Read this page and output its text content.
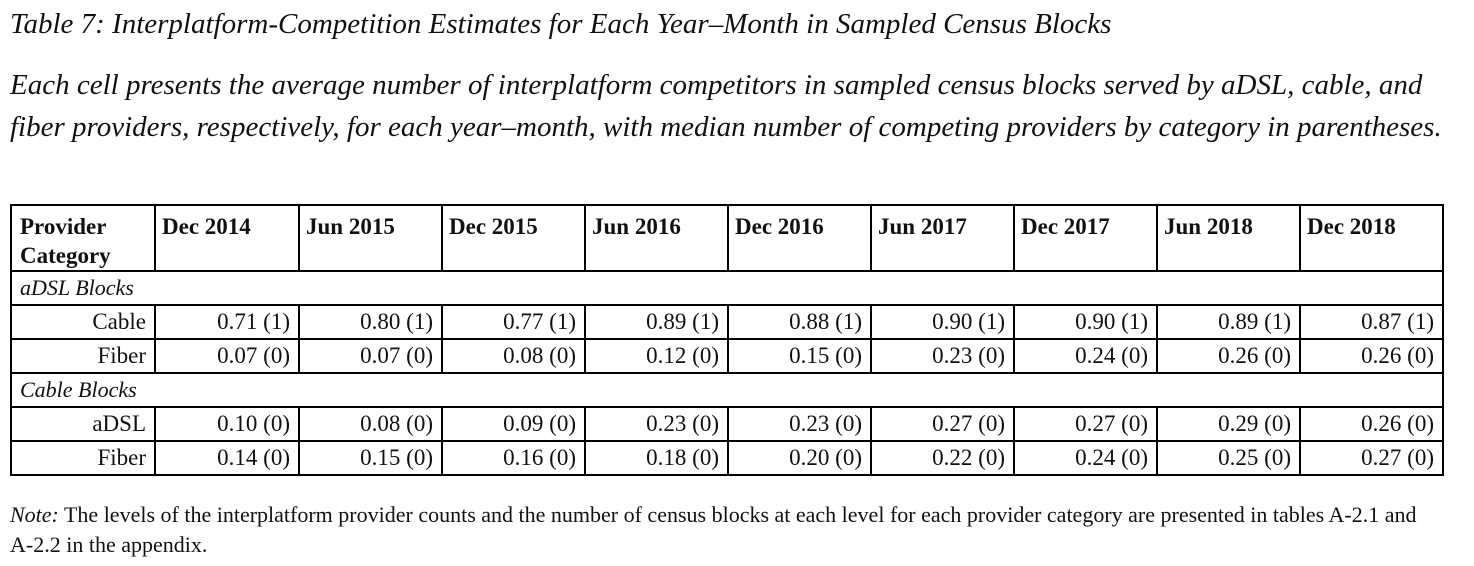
Table 7: Interplatform-Competition Estimates for Each Year–Month in Sampled Census Blocks
Each cell presents the average number of interplatform competitors in sampled census blocks served by aDSL, cable, and fiber providers, respectively, for each year–month, with median number of competing providers by category in parentheses.
Provider
Category	Dec 2014	Jun 2015	Dec 2015	Jun 2016	Dec 2016	Jun 2017	Dec 2017	Jun 2018	Dec 2018
aDSL Blocks									
Cable	0.71 (1)	0.80 (1)	0.77 (1)	0.89 (1)	0.88 (1)	0.90 (1)	0.90 (1)	0.89 (1)	0.87 (1)
Fiber	0.07 (0)	0.07 (0)	0.08 (0)	0.12 (0)	0.15 (0)	0.23 (0)	0.24 (0)	0.26 (0)	0.26 (0)
Cable Blocks									
aDSL	0.10 (0)	0.08 (0)	0.09 (0)	0.23 (0)	0.23 (0)	0.27 (0)	0.27 (0)	0.29 (0)	0.26 (0)
Fiber	0.14 (0)	0.15 (0)	0.16 (0)	0.18 (0)	0.20 (0)	0.22 (0)	0.24 (0)	0.25 (0)	0.27 (0)
Note: The levels of the interplatform provider counts and the number of census blocks at each level for each provider category are presented in tables A-2.1 and A-2.2 in the appendix.
